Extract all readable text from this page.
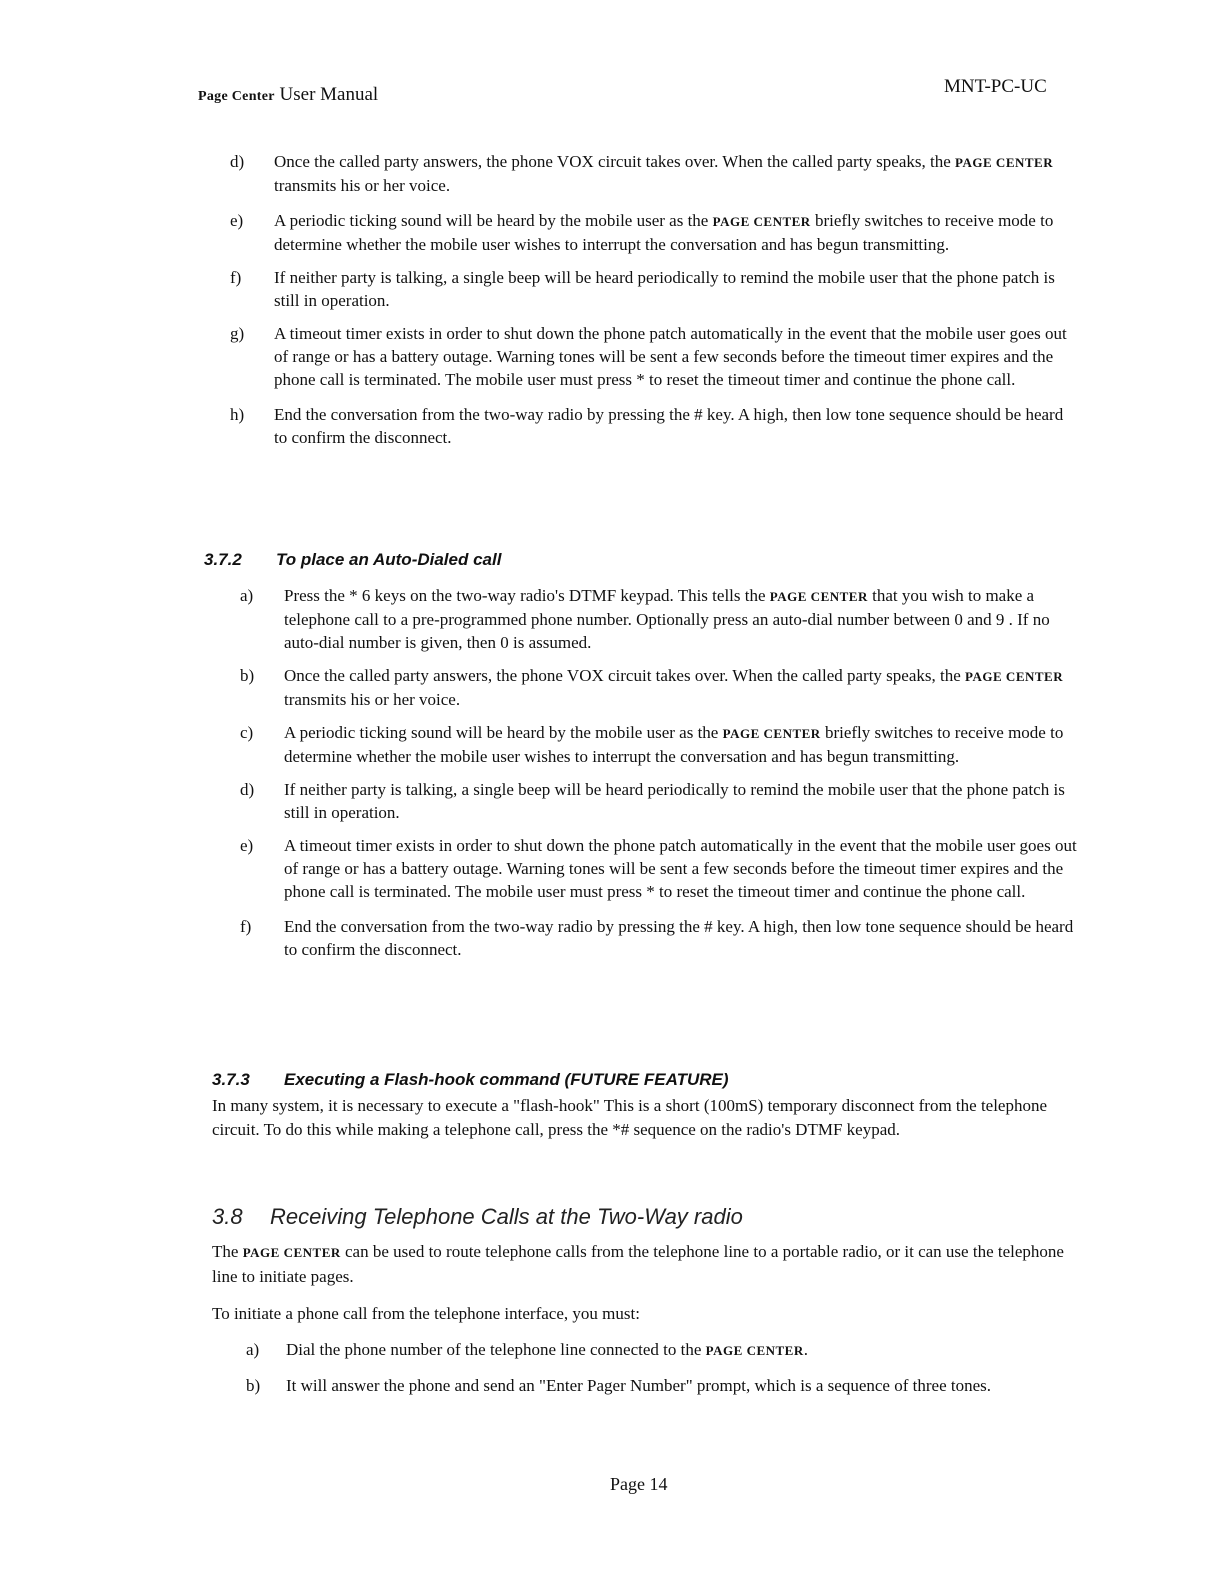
Page Center User Manual	MNT-PC-UC
d)	Once the called party answers, the phone VOX circuit takes over. When the called party speaks, the PAGE CENTER transmits his or her voice.
e)	A periodic ticking sound will be heard by the mobile user as the PAGE CENTER briefly switches to receive mode to determine whether the mobile user wishes to interrupt the conversation and has begun transmitting.
f)	If neither party is talking, a single beep will be heard periodically to remind the mobile user that the phone patch is still in operation.
g)	A timeout timer exists in order to shut down the phone patch automatically in the event that the mobile user goes out of range or has a battery outage. Warning tones will be sent a few seconds before the timeout timer expires and the phone call is terminated. The mobile user must press * to reset the timeout timer and continue the phone call.
h)	End the conversation from the two-way radio by pressing the # key. A high, then low tone sequence should be heard to confirm the disconnect.
3.7.2 To place an Auto-Dialed call
a)	Press the * 6 keys on the two-way radio's DTMF keypad. This tells the PAGE CENTER that you wish to make a telephone call to a pre-programmed phone number. Optionally press an auto-dial number between 0 and 9 . If no auto-dial number is given, then 0 is assumed.
b)	Once the called party answers, the phone VOX circuit takes over. When the called party speaks, the PAGE CENTER transmits his or her voice.
c)	A periodic ticking sound will be heard by the mobile user as the PAGE CENTER briefly switches to receive mode to determine whether the mobile user wishes to interrupt the conversation and has begun transmitting.
d)	If neither party is talking, a single beep will be heard periodically to remind the mobile user that the phone patch is still in operation.
e)	A timeout timer exists in order to shut down the phone patch automatically in the event that the mobile user goes out of range or has a battery outage. Warning tones will be sent a few seconds before the timeout timer expires and the phone call is terminated. The mobile user must press * to reset the timeout timer and continue the phone call.
f)	End the conversation from the two-way radio by pressing the # key. A high, then low tone sequence should be heard to confirm the disconnect.
3.7.3 Executing a Flash-hook command (FUTURE FEATURE)

In many system, it is necessary to execute a "flash-hook" This is a short (100mS) temporary disconnect from the telephone circuit. To do this while making a telephone call, press the *# sequence on the radio's DTMF keypad.

3.8 Receiving Telephone Calls at the Two-Way radio

The PAGE CENTER can be used to route telephone calls from the telephone line to a portable radio, or it can use the telephone line to initiate pages.

To initiate a phone call from the telephone interface, you must:

a)	Dial the phone number of the telephone line connected to the PAGE CENTER.
b)	It will answer the phone and send an "Enter Pager Number" prompt, which is a sequence of three tones.
Page 14
